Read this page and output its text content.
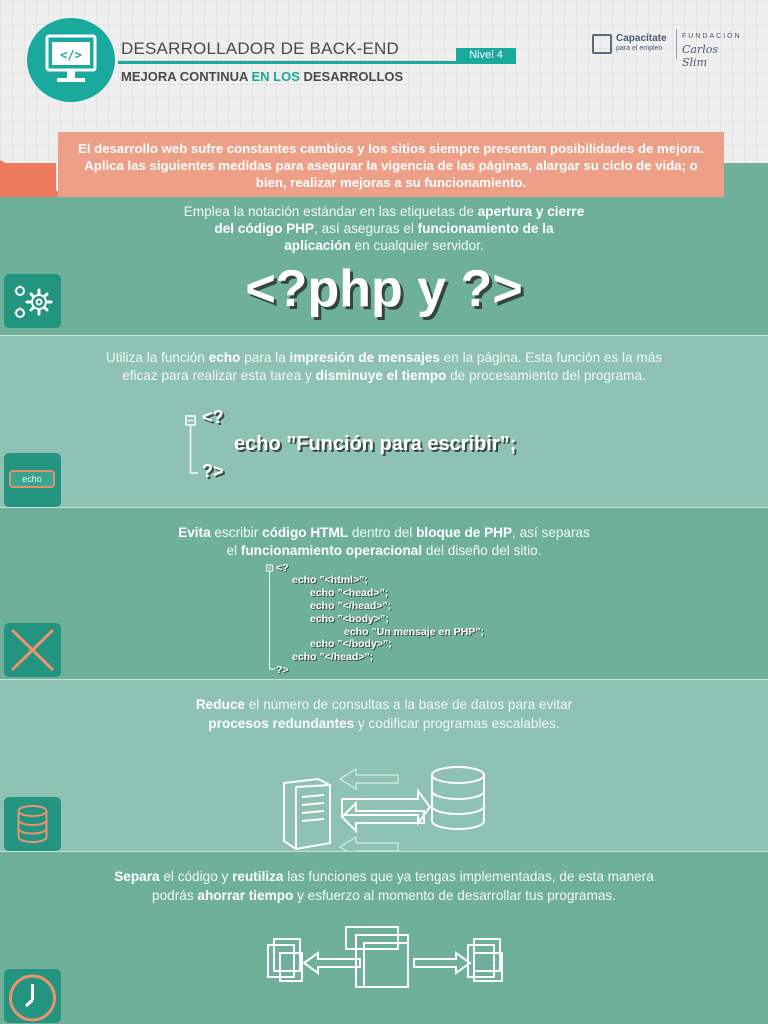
</> DESARROLLADOR DE BACK-END	Nivel 4
MEJORA CONTINUA EN LOS DESARROLLOS
Capacítate
para el empleo
FUNDACIÓN
Carlos Slim
Emplea la notación estándar en las etiquetas de apertura y cierre
del código PHP, así aseguras el funcionamiento de la
aplicación en cualquier servidor.
<?php y ?>
Utiliza la función echo para la impresión de mensajes en la página. Esta función es la más
eficaz para realizar esta tarea y disminuye el tiempo de procesamiento del programa.
<?
echo ”Función para escribir”;
?>
echo
Evita escribir código HTML dentro del bloque de PHP, así separas
el funcionamiento operacional del diseño del sitio.
<?
echo ”<html>”;
echo ”<head>”;
echo ”</head>”;
echo ”<body>”;
echo ”Un mensaje en PHP”;
echo ”</body>”;
echo ”</head>”;
?>
Reduce el número de consultas a la base de datos para evitar
procesos redundantes y codificar programas escalables.
Separa el código y reutiliza las funciones que ya tengas implementadas, de esta manera
podrás ahorrar tiempo y esfuerzo al momento de desarrollar tus programas.
El desarrollo web sufre constantes cambios y los sitios siempre presentan posibilidades de mejora. Aplica las siguientes medidas para asegurar la vigencia de las páginas, alargar su ciclo de vida; o bien, realizar mejoras a su funcionamiento.
